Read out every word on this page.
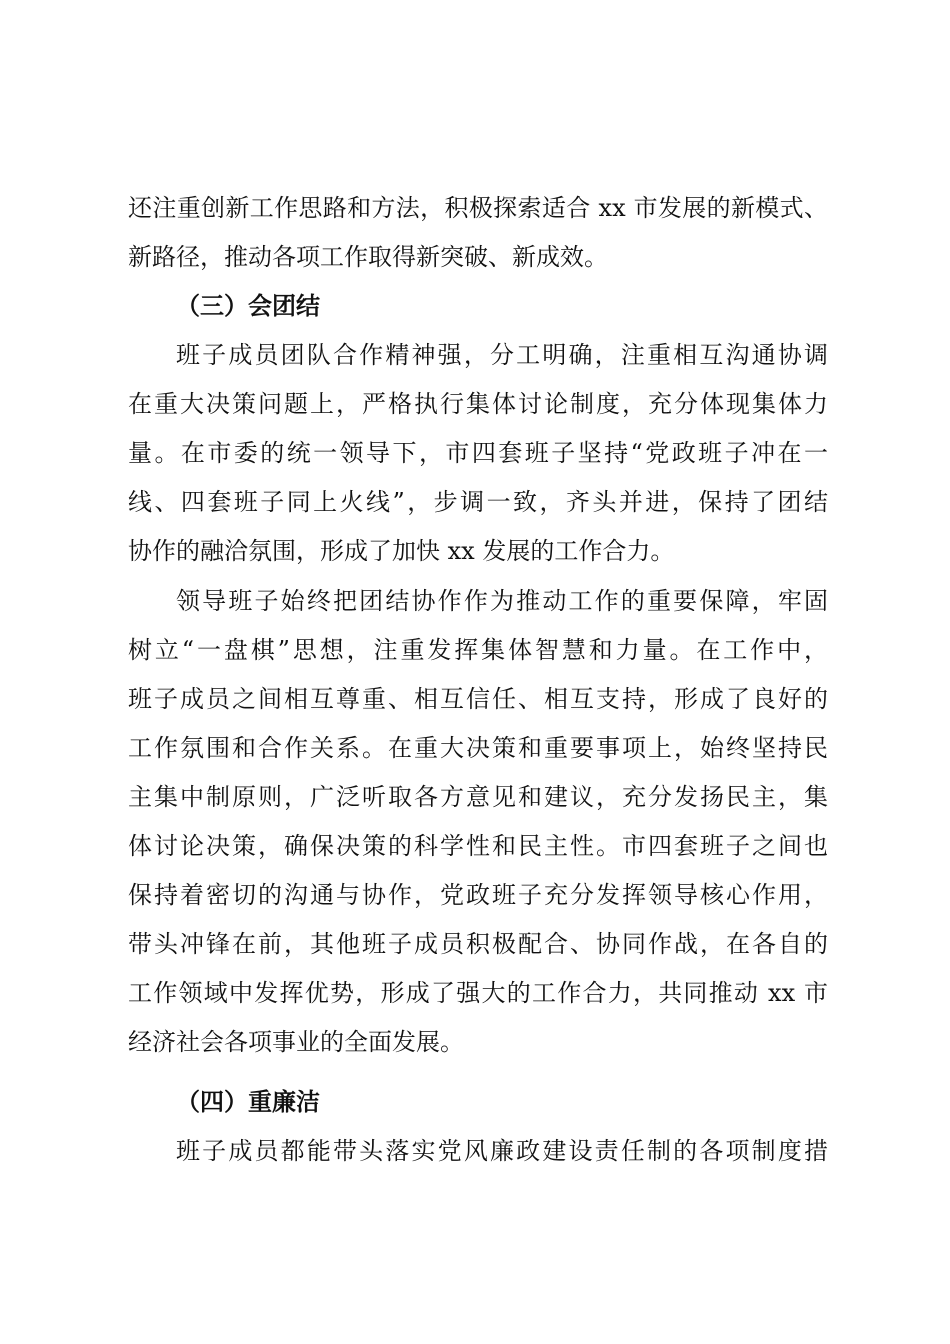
还注重创新工作思路和方法，积极探索适合 xx 市发展的新模式、
新路径，推动各项工作取得新突破、新成效。
（三）会团结
班子成员团队合作精神强，分工明确，注重相互沟通协调
在重大决策问题上，严格执行集体讨论制度，充分体现集体力
量。在市委的统一领导下，市四套班子坚持“党政班子冲在一
线、四套班子同上火线”，步调一致，齐头并进，保持了团结
协作的融洽氛围，形成了加快 xx 发展的工作合力。
领导班子始终把团结协作作为推动工作的重要保障，牢固
树立“一盘棋”思想，注重发挥集体智慧和力量。在工作中，
班子成员之间相互尊重、相互信任、相互支持，形成了良好的
工作氛围和合作关系。在重大决策和重要事项上，始终坚持民
主集中制原则，广泛听取各方意见和建议，充分发扬民主，集
体讨论决策，确保决策的科学性和民主性。市四套班子之间也
保持着密切的沟通与协作，党政班子充分发挥领导核心作用，
带头冲锋在前，其他班子成员积极配合、协同作战，在各自的
工作领域中发挥优势，形成了强大的工作合力，共同推动 xx 市
经济社会各项事业的全面发展。
（四）重廉洁
班子成员都能带头落实党风廉政建设责任制的各项制度措
